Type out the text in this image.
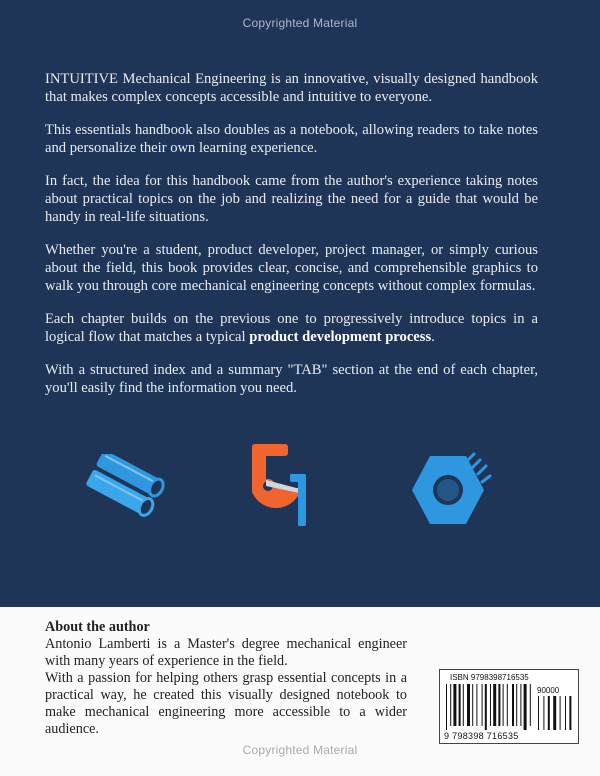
Copyrighted Material

INTUITIVE Mechanical Engineering is an innovative, visually designed handbook that makes complex concepts accessible and intuitive to everyone.

This essentials handbook also doubles as a notebook, allowing readers to take notes and personalize their own learning experience.

In fact, the idea for this handbook came from the author's experience taking notes about practical topics on the job and realizing the need for a guide that would be handy in real-life situations.

Whether you're a student, product developer, project manager, or simply curious about the field, this book provides clear, concise, and comprehensible graphics to walk you through core mechanical engineering concepts without complex formulas.

Each chapter builds on the previous one to progressively introduce topics in a logical flow that matches a typical product development process.

With a structured index and a summary "TAB" section at the end of each chapter, you'll easily find the information you need.

About the author

Antonio Lamberti is a Master's degree mechanical engineer with many years of experience in the field.

With a passion for helping others grasp essential concepts in a practical way, he created this visually designed notebook to make mechanical engineering more accessible to a wider audience.

ISBN 9798398716535
90000
9 798398 716535
Copyrighted Material
